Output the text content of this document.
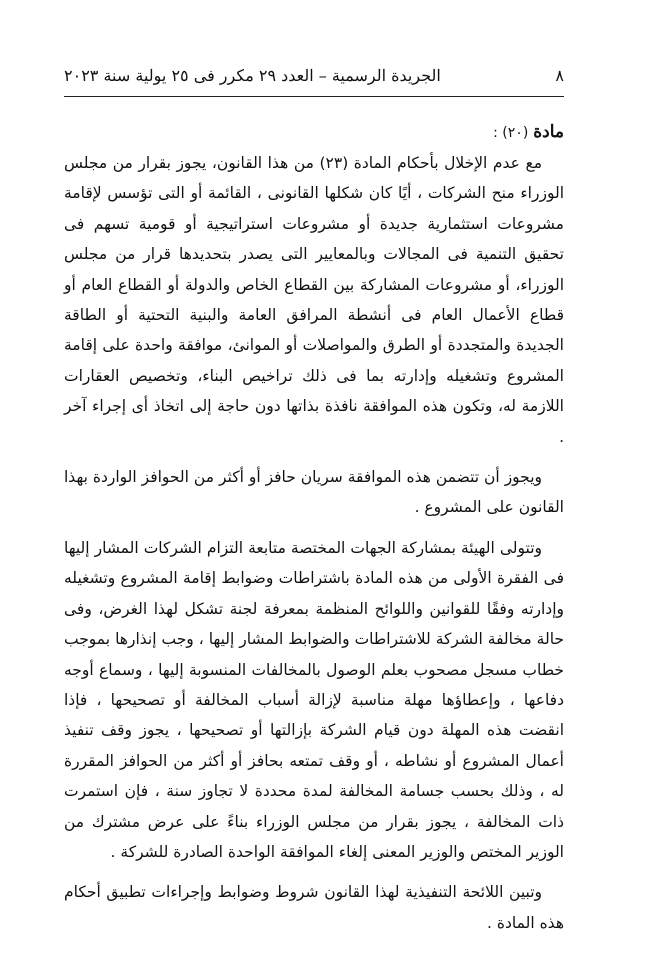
٨
الجريدة الرسمية – العدد ٢٩ مكرر فى ٢٥ يولية سنة ٢٠٢٣

مادة (٢٠) :

مع عدم الإخلال بأحكام المادة (٢٣) من هذا القانون، يجوز بقرار من مجلس الوزراء منح الشركات ، أيًا كان شكلها القانونى ، القائمة أو التى تؤسس لإقامة مشروعات استثمارية جديدة أو مشروعات استراتيجية أو قومية تسهم فى تحقيق التنمية فى المجالات وبالمعايير التى يصدر بتحديدها قرار من مجلس الوزراء، أو مشروعات المشاركة بين القطاع الخاص والدولة أو القطاع العام أو قطاع الأعمال العام فى أنشطة المرافق العامة والبنية التحتية أو الطاقة الجديدة والمتجددة أو الطرق والمواصلات أو الموانئ، موافقة واحدة على إقامة المشروع وتشغيله وإدارته بما فى ذلك تراخيص البناء، وتخصيص العقارات اللازمة له، وتكون هذه الموافقة نافذة بذاتها دون حاجة إلى اتخاذ أى إجراء آخر .

ويجوز أن تتضمن هذه الموافقة سريان حافز أو أكثر من الحوافز الواردة بهذا القانون على المشروع .

وتتولى الهيئة بمشاركة الجهات المختصة متابعة التزام الشركات المشار إليها فى الفقرة الأولى من هذه المادة باشتراطات وضوابط إقامة المشروع وتشغيله وإدارته وفقًا للقوانين واللوائح المنظمة بمعرفة لجنة تشكل لهذا الغرض، وفى حالة مخالفة الشركة للاشتراطات والضوابط المشار إليها ، وجب إنذارها بموجب خطاب مسجل مصحوب بعلم الوصول بالمخالفات المنسوبة إليها ، وسماع أوجه دفاعها ، وإعطاؤها مهلة مناسبة لإزالة أسباب المخالفة أو تصحيحها ، فإذا انقضت هذه المهلة دون قيام الشركة بإزالتها أو تصحيحها ، يجوز وقف تنفيذ أعمال المشروع أو نشاطه ، أو وقف تمتعه بحافز أو أكثر من الحوافز المقررة له ، وذلك بحسب جسامة المخالفة لمدة محددة لا تجاوز سنة ، فإن استمرت ذات المخالفة ، يجوز بقرار من مجلس الوزراء بناءً على عرض مشترك من الوزير المختص والوزير المعنى إلغاء الموافقة الواحدة الصادرة للشركة .

وتبين اللائحة التنفيذية لهذا القانون شروط وضوابط وإجراءات تطبيق أحكام هذه المادة .
